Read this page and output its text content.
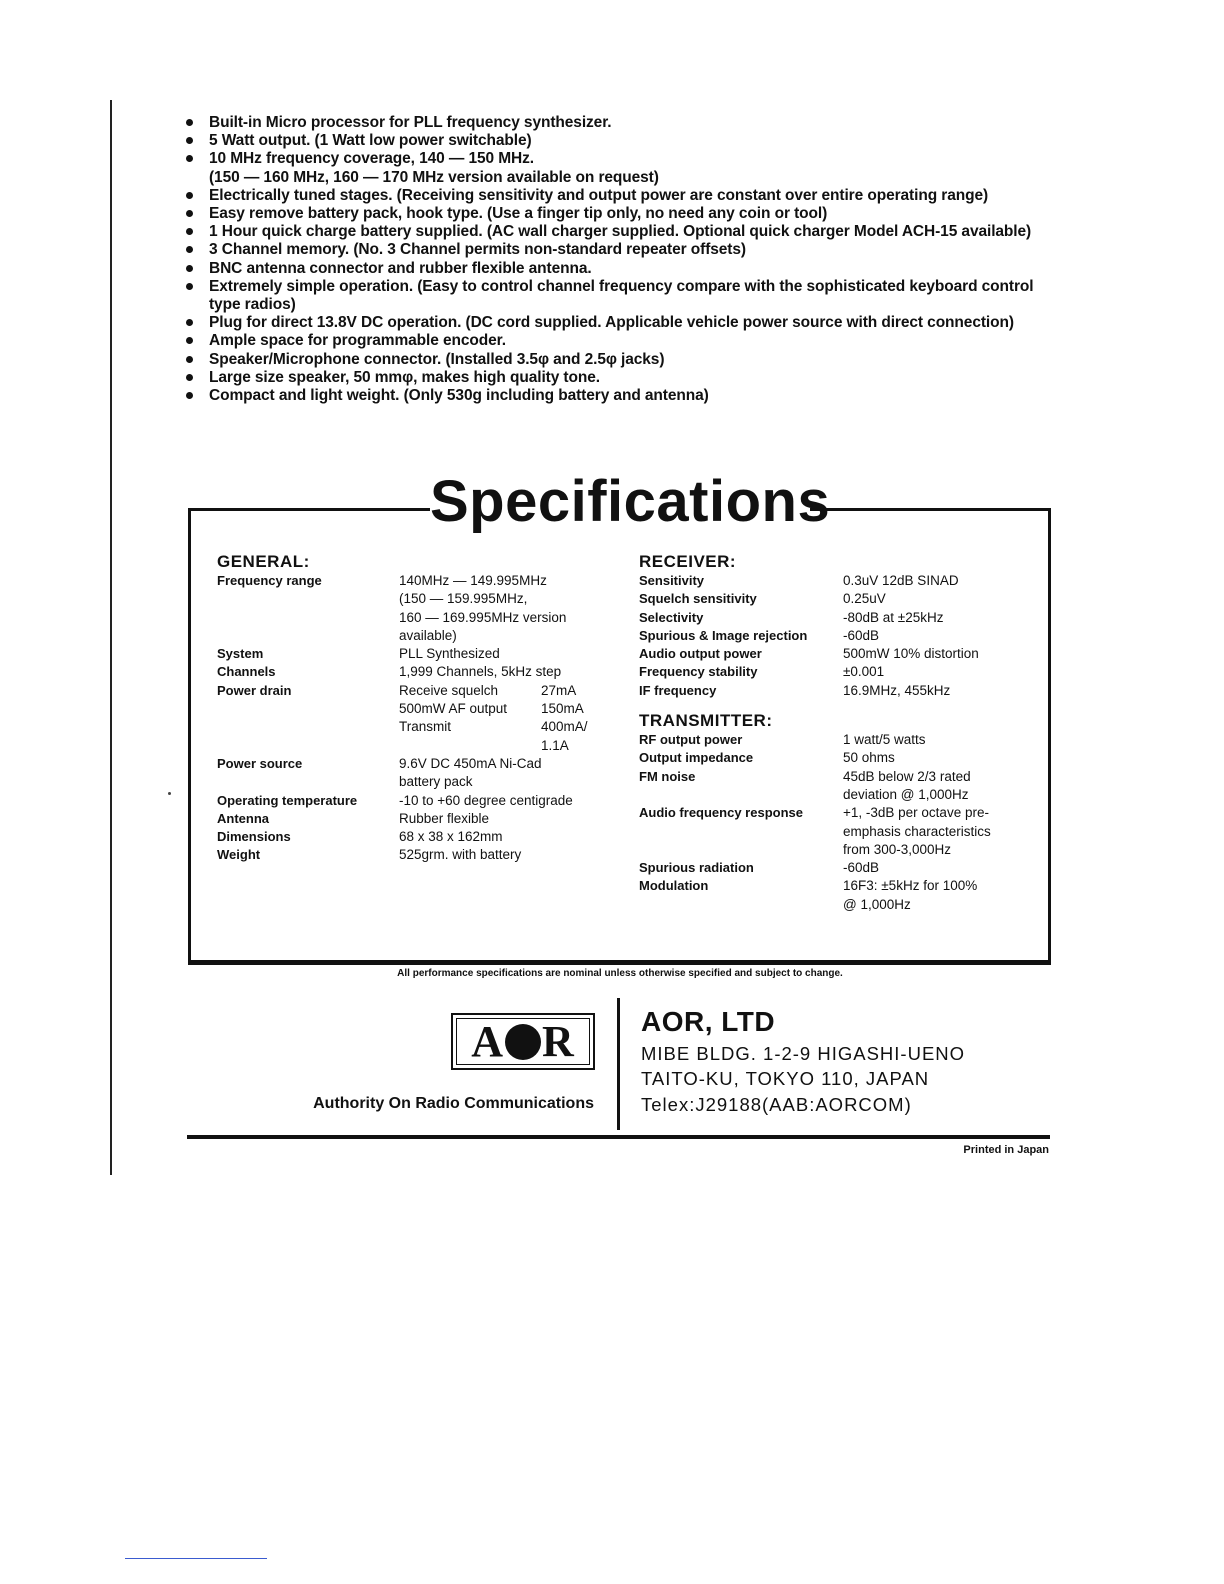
Built-in Micro processor for PLL frequency synthesizer.
5 Watt output. (1 Watt low power switchable)
10 MHz frequency coverage, 140 — 150 MHz.
(150 — 160 MHz, 160 — 170 MHz version available on request)
Electrically tuned stages. (Receiving sensitivity and output power are constant over entire operating range)
Easy remove battery pack, hook type. (Use a finger tip only, no need any coin or tool)
1 Hour quick charge battery supplied. (AC wall charger supplied. Optional quick charger Model ACH-15 available)
3 Channel memory. (No. 3 Channel permits non-standard repeater offsets)
BNC antenna connector and rubber flexible antenna.
Extremely simple operation. (Easy to control channel frequency compare with the sophisticated keyboard control type radios)
Plug for direct 13.8V DC operation. (DC cord supplied. Applicable vehicle power source with direct connection)
Ample space for programmable encoder.
Speaker/Microphone connector. (Installed 3.5φ and 2.5φ jacks)
Large size speaker, 50 mmφ, makes high quality tone.
Compact and light weight. (Only 530g including battery and antenna)
Specifications
GENERAL:
Frequency range	140MHz — 149.995MHz
(150 — 159.995MHz,
160 — 169.995MHz version
available)
System	PLL Synthesized
Channels	1,999 Channels, 5kHz step
Power drain	Receive squelch	27mA
500mW AF output	150mA
Transmit	400mA/
1.1A
Power source	9.6V DC 450mA Ni-Cad
battery pack
Operating temperature	-10 to +60 degree centigrade
Antenna	Rubber flexible
Dimensions	68 x 38 x 162mm
Weight	525grm. with battery
RECEIVER:
Sensitivity	0.3uV 12dB SINAD
Squelch sensitivity	0.25uV
Selectivity	-80dB at ±25kHz
Spurious & Image rejection	-60dB
Audio output power	500mW 10% distortion
Frequency stability	±0.001
IF frequency	16.9MHz, 455kHz
TRANSMITTER:
RF output power	1 watt/5 watts
Output impedance	50 ohms
FM noise	45dB below 2/3 rated
deviation @ 1,000Hz
Audio frequency response	+1, -3dB per octave pre-
emphasis characteristics
from 300-3,000Hz
Spurious radiation	-60dB
Modulation	16F3: ±5kHz for 100%
@ 1,000Hz
All performance specifications are nominal unless otherwise specified and subject to change.
A R
Authority On Radio Communications
AOR, LTD
MIBE BLDG. 1-2-9 HIGASHI-UENO
TAITO-KU, TOKYO 110, JAPAN
Telex:J29188(AAB:AORCOM)
Printed in Japan
